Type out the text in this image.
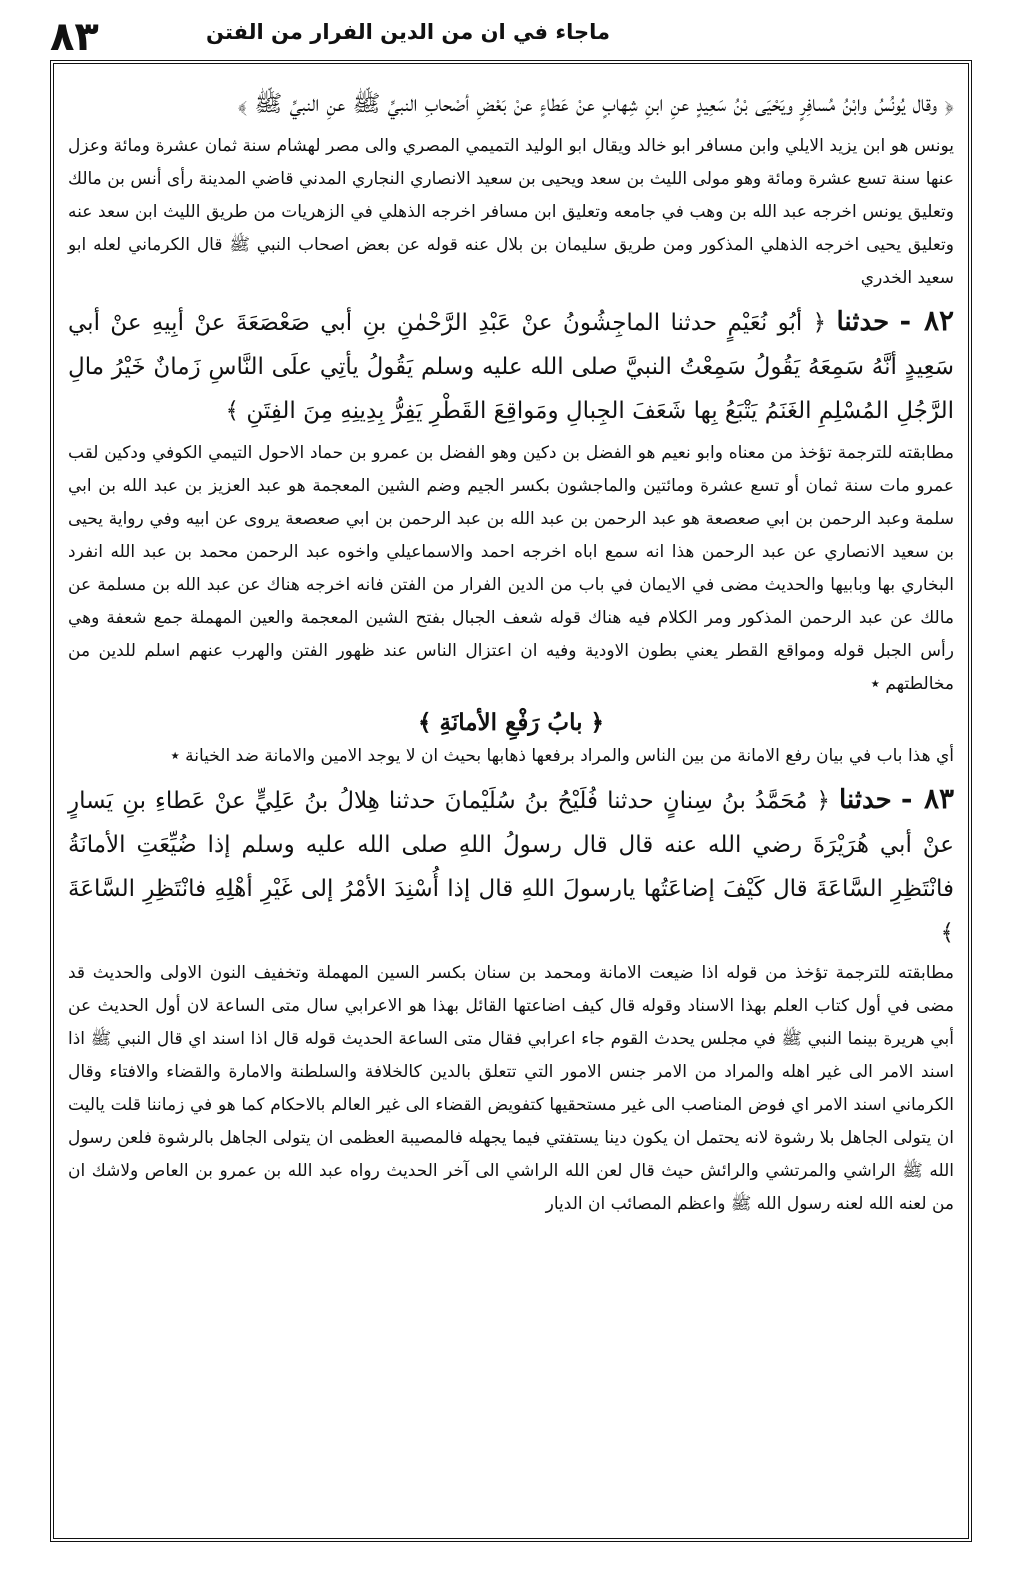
ماجاء في ان من الدين الفرار من الفتن
٨٣

﴿ وقال يُونُسُ وابْنُ مُسافِرٍ ويَحْيَى بْنُ سَعِيدٍ عنِ ابنِ شِهابٍ عنْ عَطاءٍ عنْ بَعْضِ أصْحابِ النبيِّ ﷺ عنِ النبيِّ ﷺ ﴾

يونس هو ابن يزيد الايلي وابن مسافر ابو خالد ويقال ابو الوليد التميمي المصري والى مصر لهشام سنة ثمان عشرة ومائة وعزل عنها سنة تسع عشرة ومائة وهو مولى الليث بن سعد ويحيى بن سعيد الانصاري النجاري المدني قاضي المدينة رأى أنس بن مالك وتعليق يونس اخرجه عبد الله بن وهب في جامعه وتعليق ابن مسافر اخرجه الذهلي في الزهريات من طريق الليث ابن سعد عنه وتعليق يحيى اخرجه الذهلي المذكور ومن طريق سليمان بن بلال عنه قوله عن بعض اصحاب النبي ﷺ قال الكرماني لعله ابو سعيد الخدري

٨٢ - حدثنا ﴿ أبُو نُعَيْمٍ حدثنا الماجِشُونُ عنْ عَبْدِ الرَّحْمٰنِ بنِ أبي صَعْصَعَةَ عنْ أبِيهِ عنْ أبي سَعِيدٍ أنَّهُ سَمِعَهُ يَقُولُ سَمِعْتُ النبيَّ صلى الله عليه وسلم يَقُولُ يأتِي علَى النَّاسِ زَمانٌ خَيْرُ مالِ الرَّجُلِ المُسْلِمِ الغَنَمُ يَتْبَعُ بِها شَعَفَ الجِبالِ ومَواقِعَ القَطْرِ يَفِرُّ بِدِينِهِ مِنَ الفِتَنِ ﴾

مطابقته للترجمة تؤخذ من معناه وابو نعيم هو الفضل بن دكين وهو الفضل بن عمرو بن حماد الاحول التيمي الكوفي ودكين لقب عمرو مات سنة ثمان أو تسع عشرة ومائتين والماجشون بكسر الجيم وضم الشين المعجمة هو عبد العزيز بن عبد الله بن ابي سلمة وعبد الرحمن بن ابي صعصعة هو عبد الرحمن بن عبد الله بن عبد الرحمن بن ابي صعصعة يروى عن ابيه وفي رواية يحيى بن سعيد الانصاري عن عبد الرحمن هذا انه سمع اباه اخرجه احمد والاسماعيلي واخوه عبد الرحمن محمد بن عبد الله انفرد البخاري بها وبابيها والحديث مضى في الايمان في باب من الدين الفرار من الفتن فانه اخرجه هناك عن عبد الله بن مسلمة عن مالك عن عبد الرحمن المذكور ومر الكلام فيه هناك قوله شعف الجبال بفتح الشين المعجمة والعين المهملة جمع شعفة وهي رأس الجبل قوله ومواقع القطر يعني بطون الاودية وفيه ان اعتزال الناس عند ظهور الفتن والهرب عنهم اسلم للدين من مخالطتهم ٭

﴿ بابُ رَفْعِ الأمانَةِ ﴾

أي هذا باب في بيان رفع الامانة من بين الناس والمراد برفعها ذهابها بحيث ان لا يوجد الامين والامانة ضد الخيانة ٭

٨٣ - حدثنا ﴿ مُحَمَّدُ بنُ سِنانٍ حدثنا فُلَيْحُ بنُ سُلَيْمانَ حدثنا هِلالُ بنُ عَلِيٍّ عنْ عَطاءِ بنِ يَسارٍ عنْ أبي هُرَيْرَةَ رضي الله عنه قال قال رسولُ اللهِ صلى الله عليه وسلم إذا ضُيِّعَتِ الأمانَةُ فانْتَظِرِ السَّاعَةَ قال كَيْفَ إضاعَتُها يارسولَ اللهِ قال إذا أُسْنِدَ الأمْرُ إلى غَيْرِ أهْلِهِ فانْتَظِرِ السَّاعَةَ ﴾

مطابقته للترجمة تؤخذ من قوله اذا ضيعت الامانة ومحمد بن سنان بكسر السين المهملة وتخفيف النون الاولى والحديث قد مضى في أول كتاب العلم بهذا الاسناد وقوله قال كيف اضاعتها القائل بهذا هو الاعرابي سال متى الساعة لان أول الحديث عن أبي هريرة بينما النبي ﷺ في مجلس يحدث القوم جاء اعرابي فقال متى الساعة الحديث قوله قال اذا اسند اي قال النبي ﷺ اذا اسند الامر الى غير اهله والمراد من الامر جنس الامور التي تتعلق بالدين كالخلافة والسلطنة والامارة والقضاء والافتاء وقال الكرماني اسند الامر اي فوض المناصب الى غير مستحقيها كتفويض القضاء الى غير العالم بالاحكام كما هو في زماننا قلت ياليت ان يتولى الجاهل بلا رشوة لانه يحتمل ان يكون دينا يستفتي فيما يجهله فالمصيبة العظمى ان يتولى الجاهل بالرشوة فلعن رسول الله ﷺ الراشي والمرتشي والرائش حيث قال لعن الله الراشي الى آخر الحديث رواه عبد الله بن عمرو بن العاص ولاشك ان من لعنه الله لعنه رسول الله ﷺ واعظم المصائب ان الديار
